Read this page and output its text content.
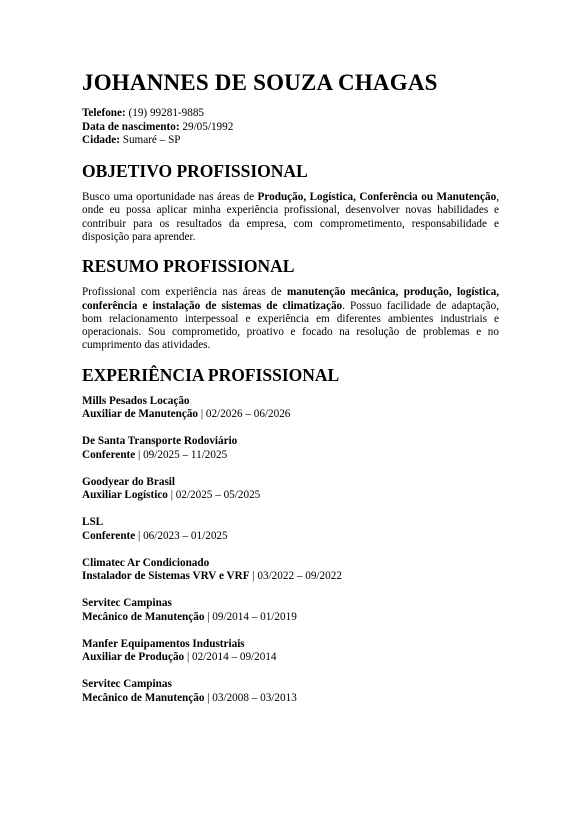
JOHANNES DE SOUZA CHAGAS
Telefone: (19) 99281-9885
Data de nascimento: 29/05/1992
Cidade: Sumaré – SP
OBJETIVO PROFISSIONAL

Busco uma oportunidade nas áreas de Produção, Logística, Conferência ou Manutenção, onde eu possa aplicar minha experiência profissional, desenvolver novas habilidades e contribuir para os resultados da empresa, com comprometimento, responsabilidade e disposição para aprender.

RESUMO PROFISSIONAL

Profissional com experiência nas áreas de manutenção mecânica, produção, logística, conferência e instalação de sistemas de climatização. Possuo facilidade de adaptação, bom relacionamento interpessoal e experiência em diferentes ambientes industriais e operacionais. Sou comprometido, proativo e focado na resolução de problemas e no cumprimento das atividades.

EXPERIÊNCIA PROFISSIONAL
Mills Pesados Locação
Auxiliar de Manutenção | 02/2026 – 06/2026
De Santa Transporte Rodoviário
Conferente | 09/2025 – 11/2025
Goodyear do Brasil
Auxiliar Logístico | 02/2025 – 05/2025
LSL
Conferente | 06/2023 – 01/2025
Climatec Ar Condicionado
Instalador de Sistemas VRV e VRF | 03/2022 – 09/2022
Servitec Campinas
Mecânico de Manutenção | 09/2014 – 01/2019
Manfer Equipamentos Industriais
Auxiliar de Produção | 02/2014 – 09/2014
Servitec Campinas
Mecânico de Manutenção | 03/2008 – 03/2013
